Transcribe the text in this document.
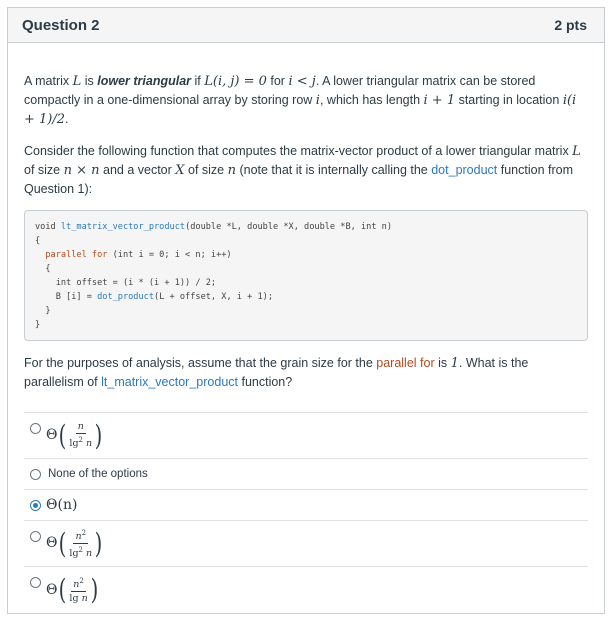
Question 2	2 pts

A matrix L is lower triangular if L(i, j) = 0 for i < j. A lower triangular matrix can be stored compactly in a one-dimensional array by storing row i, which has length i + 1 starting in location i(i + 1)/2.

Consider the following function that computes the matrix-vector product of a lower triangular matrix L of size n × n and a vector X of size n (note that it is internally calling the dot_product function from Question 1):

void lt_matrix_vector_product(double *L, double *X, double *B, int n)
{
parallel for (int i = 0; i < n; i++)
{
int offset = (i * (i + 1)) / 2;
B [i] = dot_product(L + offset, X, i + 1);
}
}

For the purposes of analysis, assume that the grain size for the parallel for is 1. What is the parallelism of lt_matrix_vector_product function?

Θ ( $\frac{n}{\lg^2 n}$ )
None of the options
Θ(n)
Θ ( $\frac{n^2}{\lg^2 n}$ )
Θ ( $\frac{n^2}{\text{lg n}}$ )
